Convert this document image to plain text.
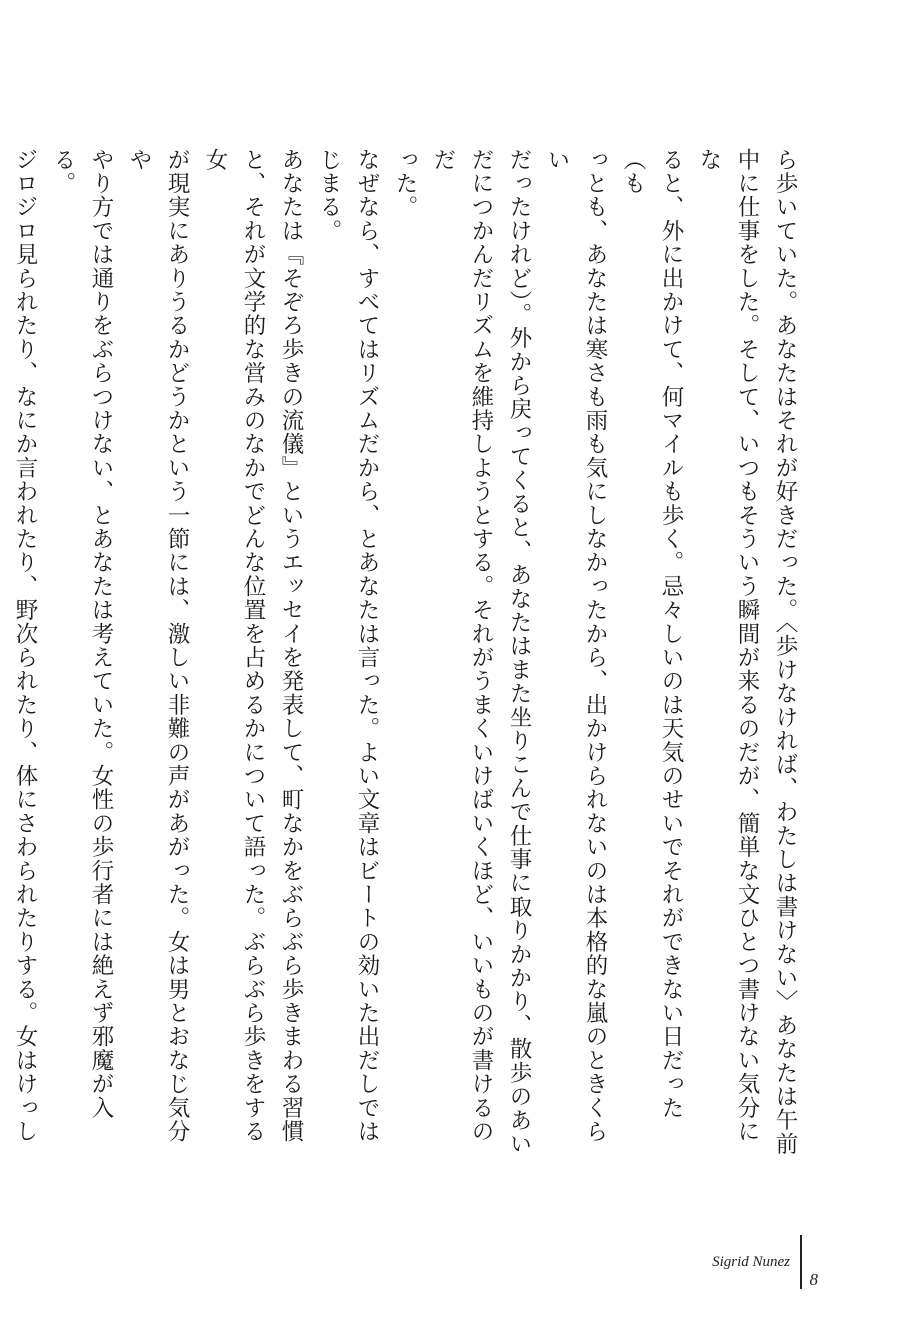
ら歩いていた。あなたはそれが好きだった。〈歩けなければ、わたしは書けない〉あなたは午前
中に仕事をした。そして、いつもそういう瞬間が来るのだが、簡単な文ひとつ書けない気分にな
ると、外に出かけて、何マイルも歩く。忌々しいのは天気のせいでそれができない日だった（も
っとも、あなたは寒さも雨も気にしなかったから、出かけられないのは本格的な嵐のときくらい
だったけれど）。外から戻ってくると、あなたはまた坐りこんで仕事に取りかかり、散歩のあい
だにつかんだリズムを維持しようとする。それがうまくいけばいくほど、いいものが書けるのだ
った。

なぜなら、すべてはリズムだから、とあなたは言った。よい文章はビートの効いた出だしでは
じまる。

あなたは『そぞろ歩きの流儀』というエッセイを発表して、町なかをぶらぶら歩きまわる習慣
と、それが文学的な営みのなかでどんな位置を占めるかについて語った。ぶらぶら歩きをする女
が現実にありうるかどうかという一節には、激しい非難の声があがった。女は男とおなじ気分や
やり方では通りをぶらつけない、とあなたは考えていた。女性の歩行者には絶えず邪魔が入る。
ジロジロ見られたり、なにか言われたり、野次られたり、体にさわられたりする。女はけっし

Sigrid Nunez
8
